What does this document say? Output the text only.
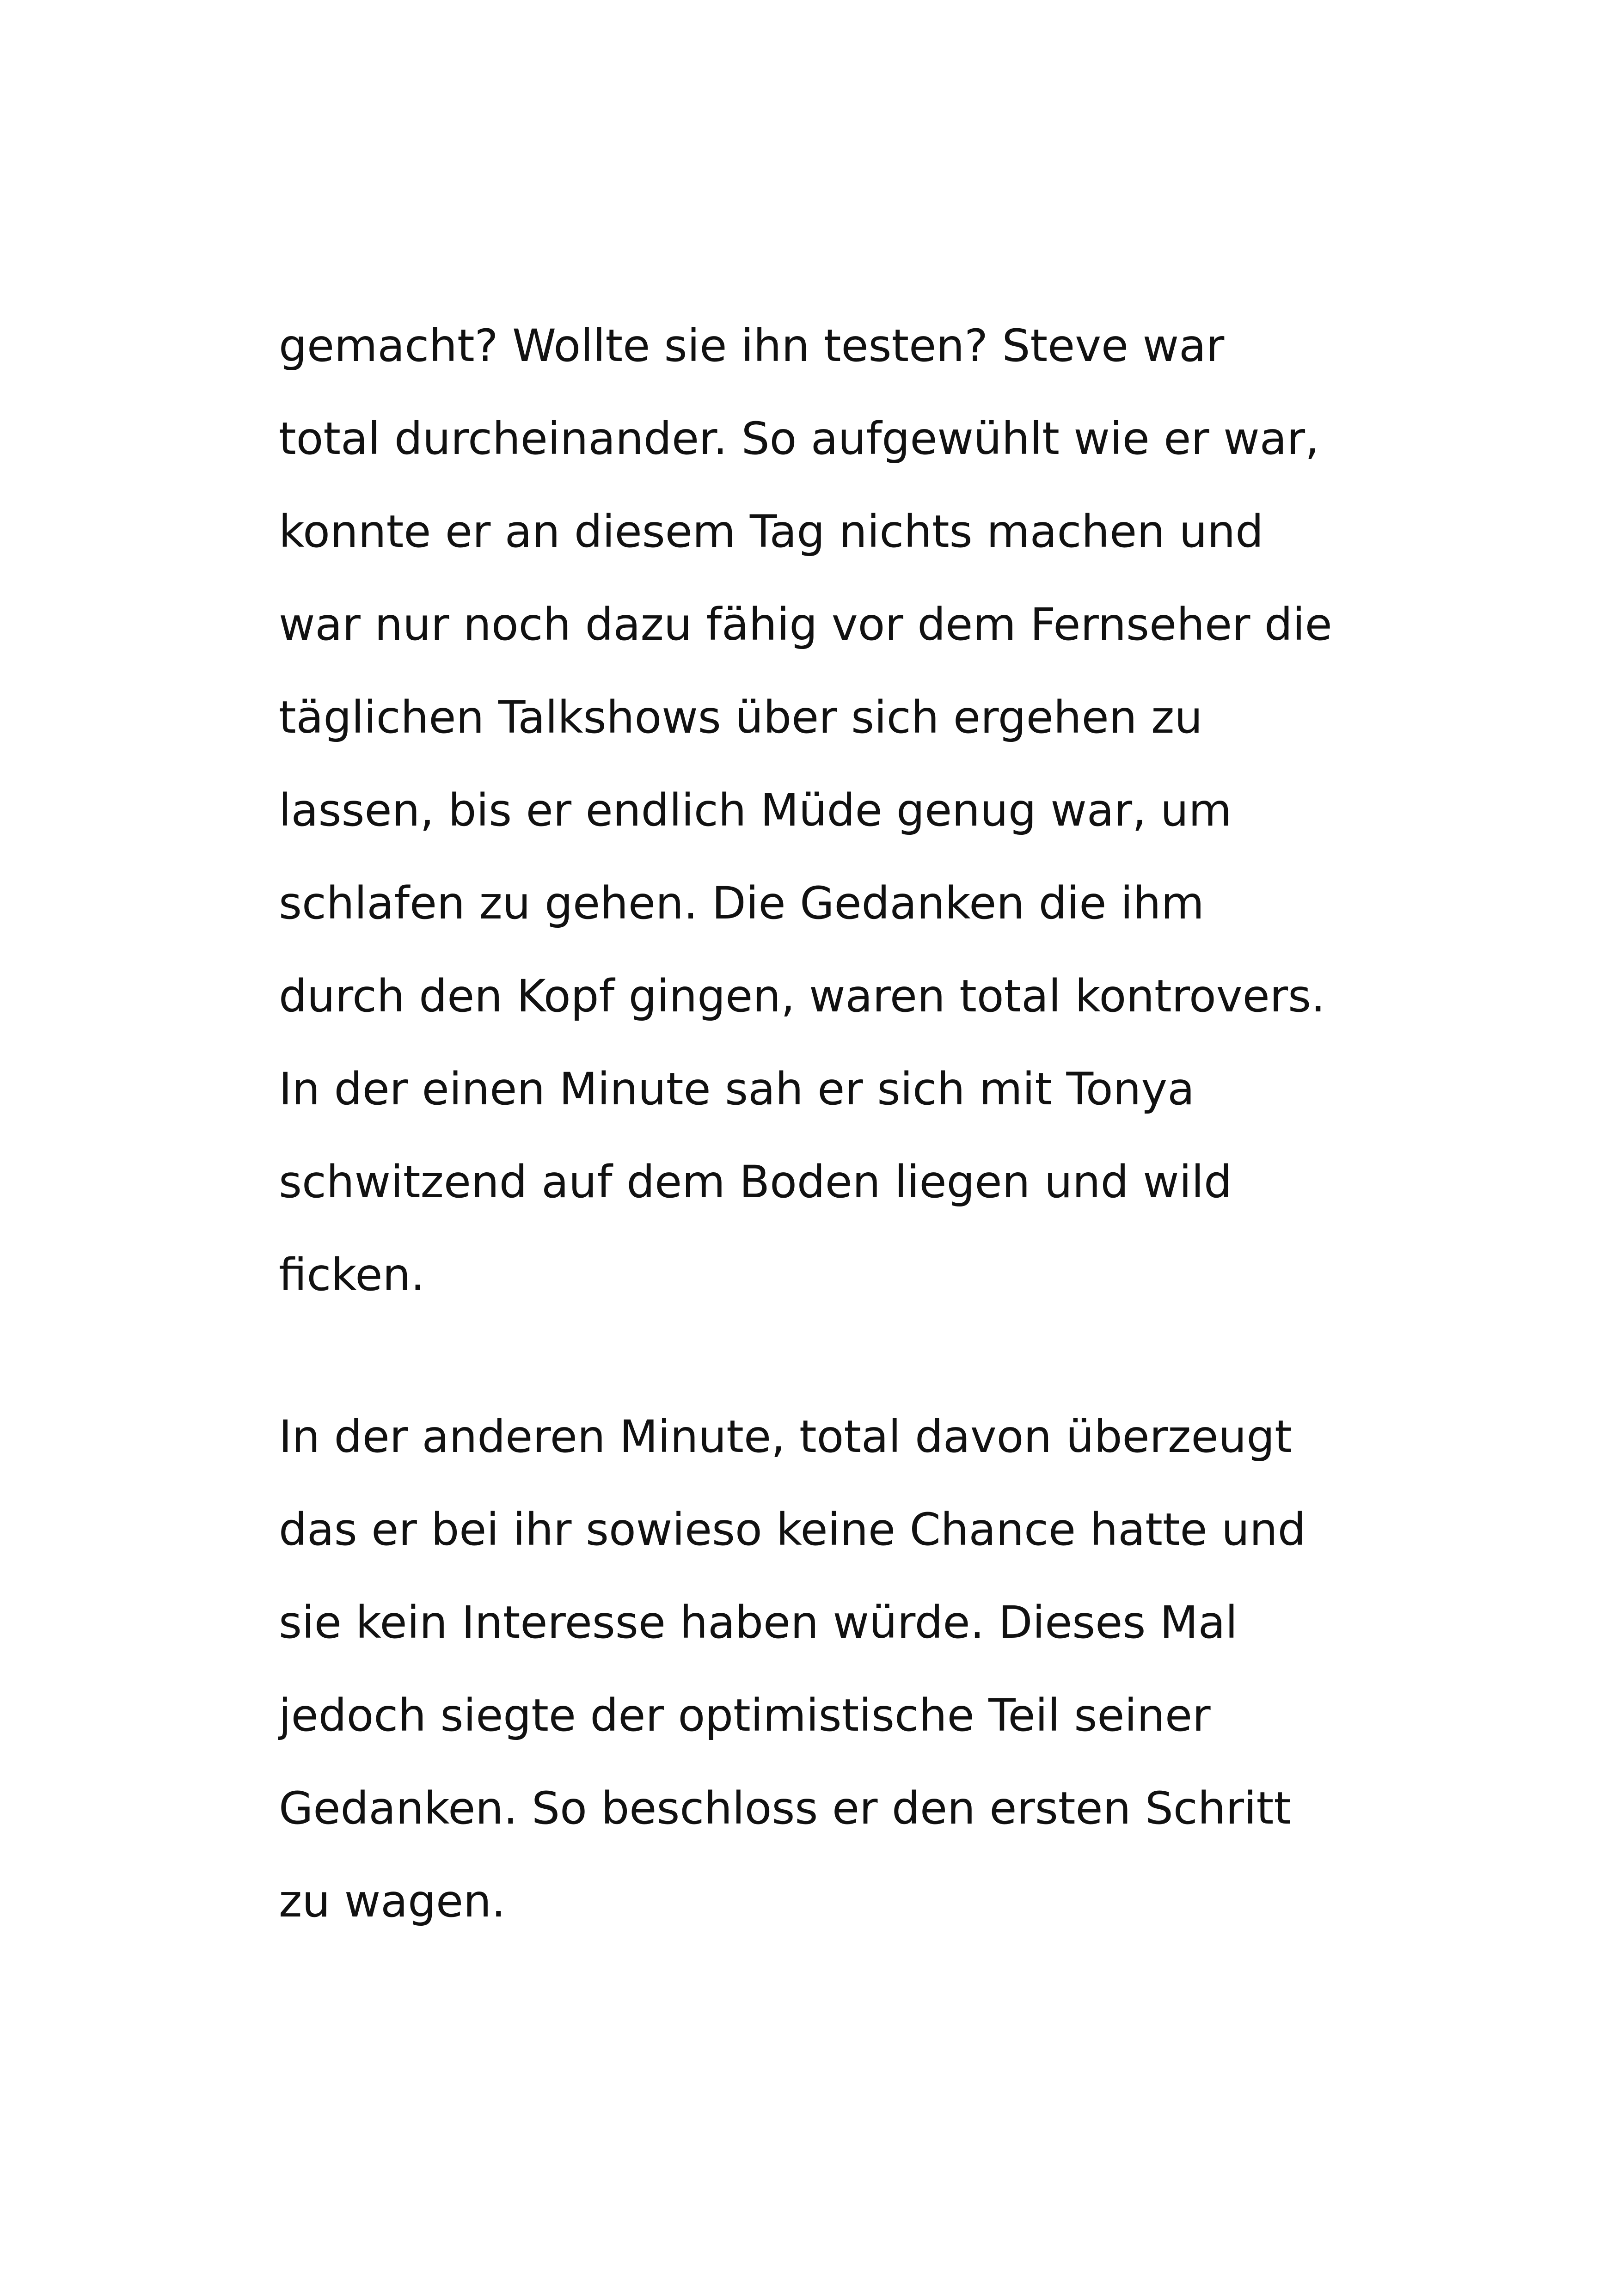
gemacht? Wollte sie ihn testen? Steve war
total durcheinander. So aufgewühlt wie er war,
konnte er an diesem Tag nichts machen und
war nur noch dazu fähig vor dem Fernseher die
täglichen Talkshows über sich ergehen zu
lassen, bis er endlich Müde genug war, um
schlafen zu gehen. Die Gedanken die ihm
durch den Kopf gingen, waren total kontrovers.
In der einen Minute sah er sich mit Tonya
schwitzend auf dem Boden liegen und wild
ficken.
In der anderen Minute, total davon überzeugt
das er bei ihr sowieso keine Chance hatte und
sie kein Interesse haben würde. Dieses Mal
jedoch siegte der optimistische Teil seiner
Gedanken. So beschloss er den ersten Schritt
zu wagen.
